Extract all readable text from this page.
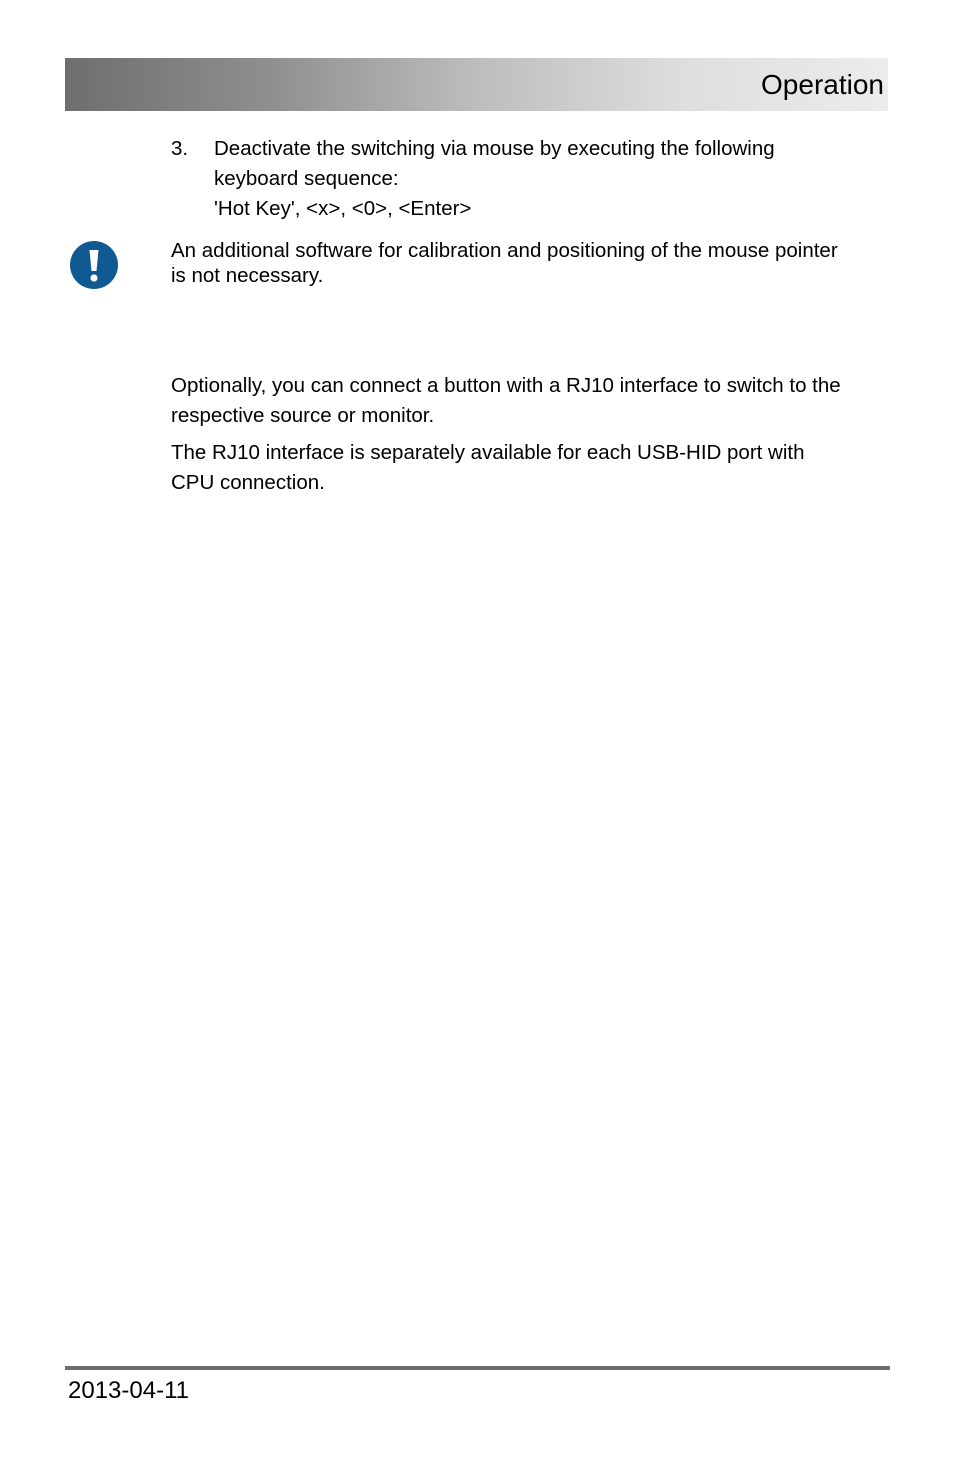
Operation
3. Deactivate the switching via mouse by executing the following
keyboard sequence:
'Hot Key', <x>, <0>, <Enter>
An additional software for calibration and positioning of the mouse pointer
is not necessary.
Optionally, you can connect a button with a RJ10 interface to switch to the
respective source or monitor.
The RJ10 interface is separately available for each USB-HID port with
CPU connection.
2013-04-11
